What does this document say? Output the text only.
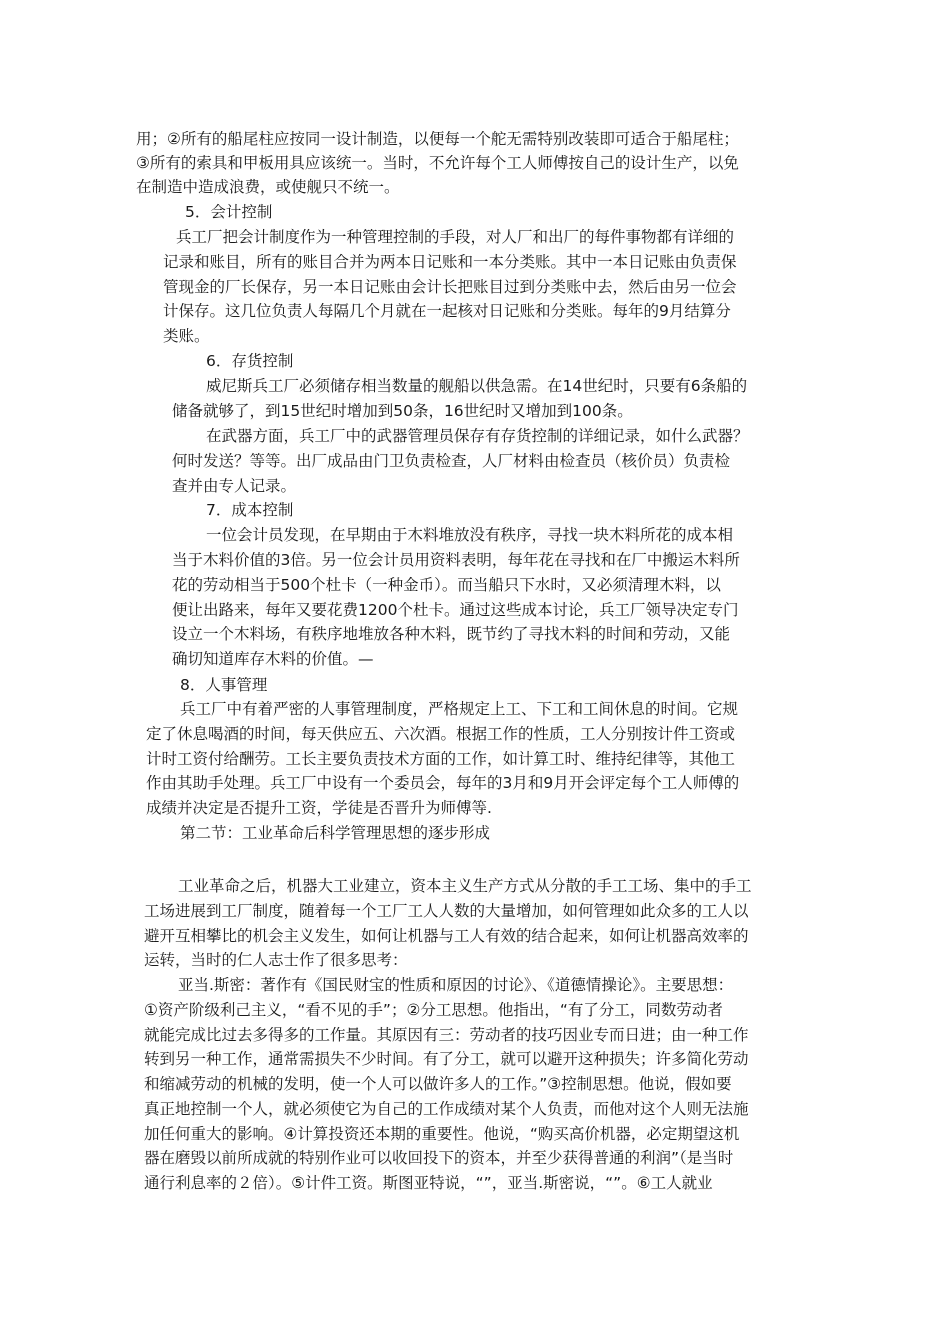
用；②所有的船尾柱应按同一设计制造，以便每一个舵无需特别改装即可适合于船尾柱；
③所有的索具和甲板用具应该统一。当时，不允许每个工人师傅按自己的设计生产，以免
在制造中造成浪费，或使舰只不统一。
5．会计控制
兵工厂把会计制度作为一种管理控制的手段，对人厂和出厂的每件事物都有详细的
记录和账目，所有的账目合并为两本日记账和一本分类账。其中一本日记账由负责保
管现金的厂长保存，另一本日记账由会计长把账目过到分类账中去，然后由另一位会
计保存。这几位负责人每隔几个月就在一起核对日记账和分类账。每年的9月结算分
类账。
6．存货控制
威尼斯兵工厂必须储存相当数量的舰船以供急需。在14世纪时，只要有6条船的
储备就够了，到15世纪时增加到50条，16世纪时又增加到100条。
在武器方面，兵工厂中的武器管理员保存有存货控制的详细记录，如什么武器？
何时发送？等等。出厂成品由门卫负责检查，人厂材料由检查员（核价员）负责检
查并由专人记录。
7．成本控制
一位会计员发现，在早期由于木料堆放没有秩序，寻找一块木料所花的成本相
当于木料价值的3倍。另一位会计员用资料表明，每年花在寻找和在厂中搬运木料所
花的劳动相当于500个杜卡（一种金币）。而当船只下水时，又必须清理木料，以
便让出路来，每年又要花费1200个杜卡。通过这些成本讨论，兵工厂领导决定专门
设立一个木料场，有秩序地堆放各种木料，既节约了寻找木料的时间和劳动，又能
确切知道库存木料的价值。—
8．人事管理
兵工厂中有着严密的人事管理制度，严格规定上工、下工和工间休息的时间。它规
定了休息喝酒的时间，每天供应五、六次酒。根据工作的性质，工人分别按计件工资或
计时工资付给酬劳。工长主要负责技术方面的工作，如计算工时、维持纪律等，其他工
作由其助手处理。兵工厂中设有一个委员会，每年的3月和9月开会评定每个工人师傅的
成绩并决定是否提升工资，学徒是否晋升为师傅等.
第二节：工业革命后科学管理思想的逐步形成
工业革命之后，机器大工业建立，资本主义生产方式从分散的手工工场、集中的手工
工场进展到工厂制度，随着每一个工厂工人人数的大量增加，如何管理如此众多的工人以
避开互相攀比的机会主义发生，如何让机器与工人有效的结合起来，如何让机器高效率的
运转，当时的仁人志士作了很多思考：
亚当.斯密：著作有《国民财宝的性质和原因的讨论》、《道德情操论》。主要思想：
①资产阶级利己主义，“看不见的手”；②分工思想。他指出，“有了分工，同数劳动者
就能完成比过去多得多的工作量。其原因有三：劳动者的技巧因业专而日进；由一种工作
转到另一种工作，通常需损失不少时间。有了分工，就可以避开这种损失；许多简化劳动
和缩减劳动的机械的发明，使一个人可以做许多人的工作。”③控制思想。他说，假如要
真正地控制一个人，就必须使它为自己的工作成绩对某个人负责，而他对这个人则无法施
加任何重大的影响。④计算投资还本期的重要性。他说，“购买高价机器，必定期望这机
器在磨毁以前所成就的特别作业可以收回投下的资本，并至少获得普通的利润”（是当时
通行利息率的２倍）。⑤计件工资。斯图亚特说，“”，亚当.斯密说，“”。⑥工人就业
